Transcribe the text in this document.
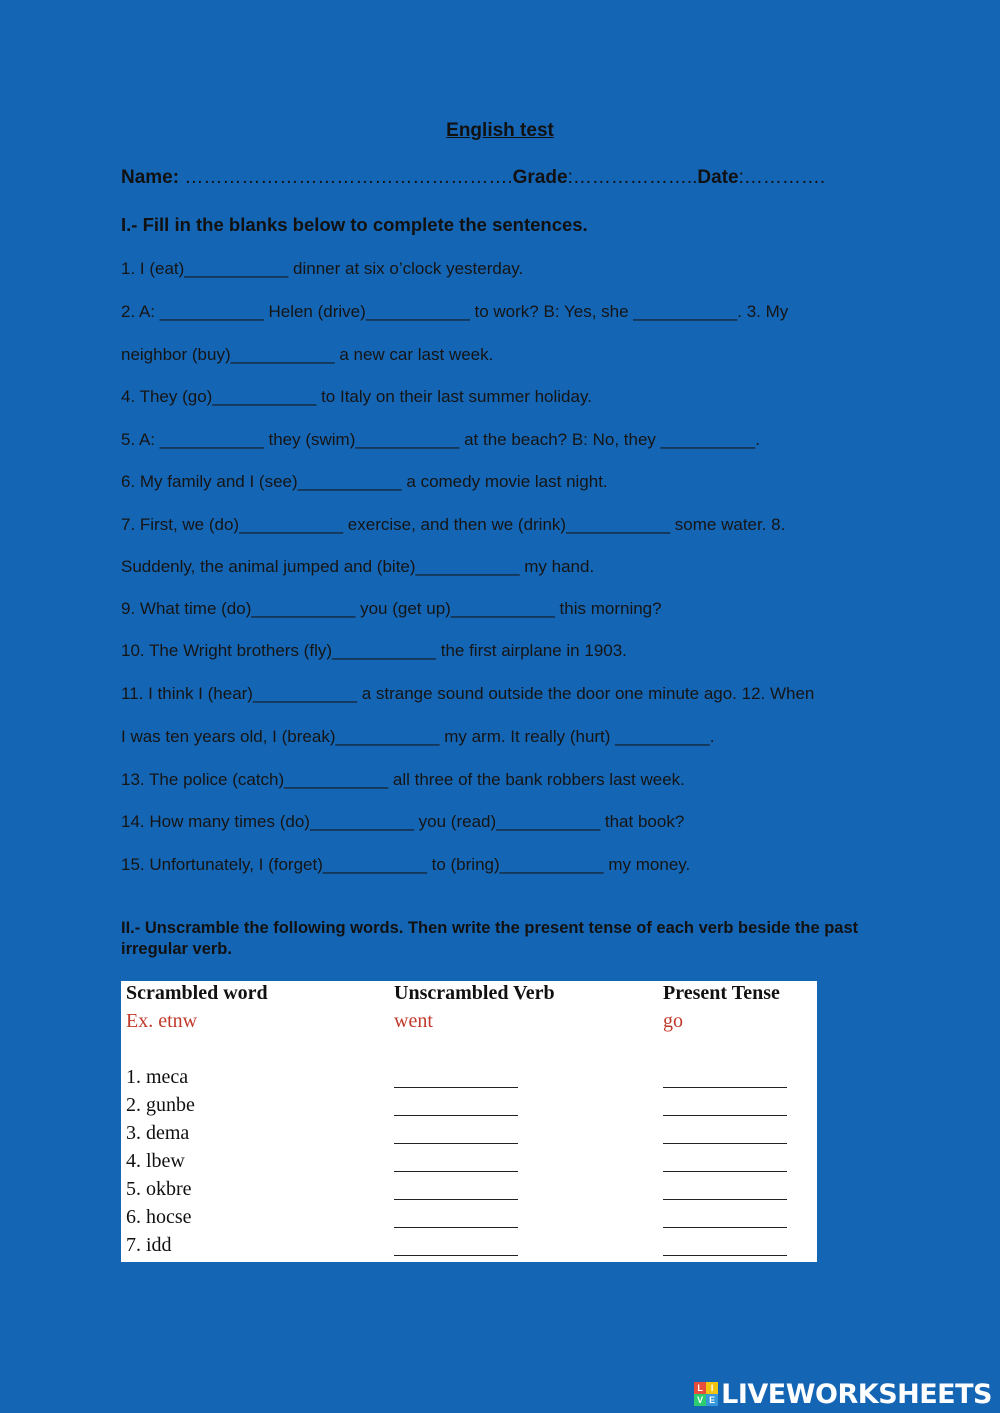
English test
Name: …………………………………………….Grade:………………..Date:………….
I.- Fill in the blanks below to complete the sentences.
1. I (eat)___________ dinner at six o’clock yesterday.
2. A: ___________ Helen (drive)___________ to work? B: Yes, she ___________. 3. My
neighbor (buy)___________ a new car last week.
4. They (go)___________ to Italy on their last summer holiday.
5. A: ___________ they (swim)___________ at the beach? B: No, they __________.
6. My family and I (see)___________ a comedy movie last night.
7. First, we (do)___________ exercise, and then we (drink)___________ some water. 8.
Suddenly, the animal jumped and (bite)___________ my hand.
9. What time (do)___________ you (get up)___________ this morning?
10. The Wright brothers (fly)___________ the first airplane in 1903.
11. I think I (hear)___________ a strange sound outside the door one minute ago. 12. When
I was ten years old, I (break)___________ my arm. It really (hurt) __________.
13. The police (catch)___________ all three of the bank robbers last week.
14. How many times (do)___________ you (read)___________ that book?
15. Unfortunately, I (forget)___________ to (bring)___________ my money.
II.- Unscramble the following words. Then write the present tense of each verb beside the past irregular verb.
Scrambled word	Unscrambled Verb	Present Tense
Ex. etnw	went	go
1. meca
2. gunbe
3. dema
4. lbew
5. okbre
6. hocse
7. idd
L I
V E LIVEWORKSHEETS
